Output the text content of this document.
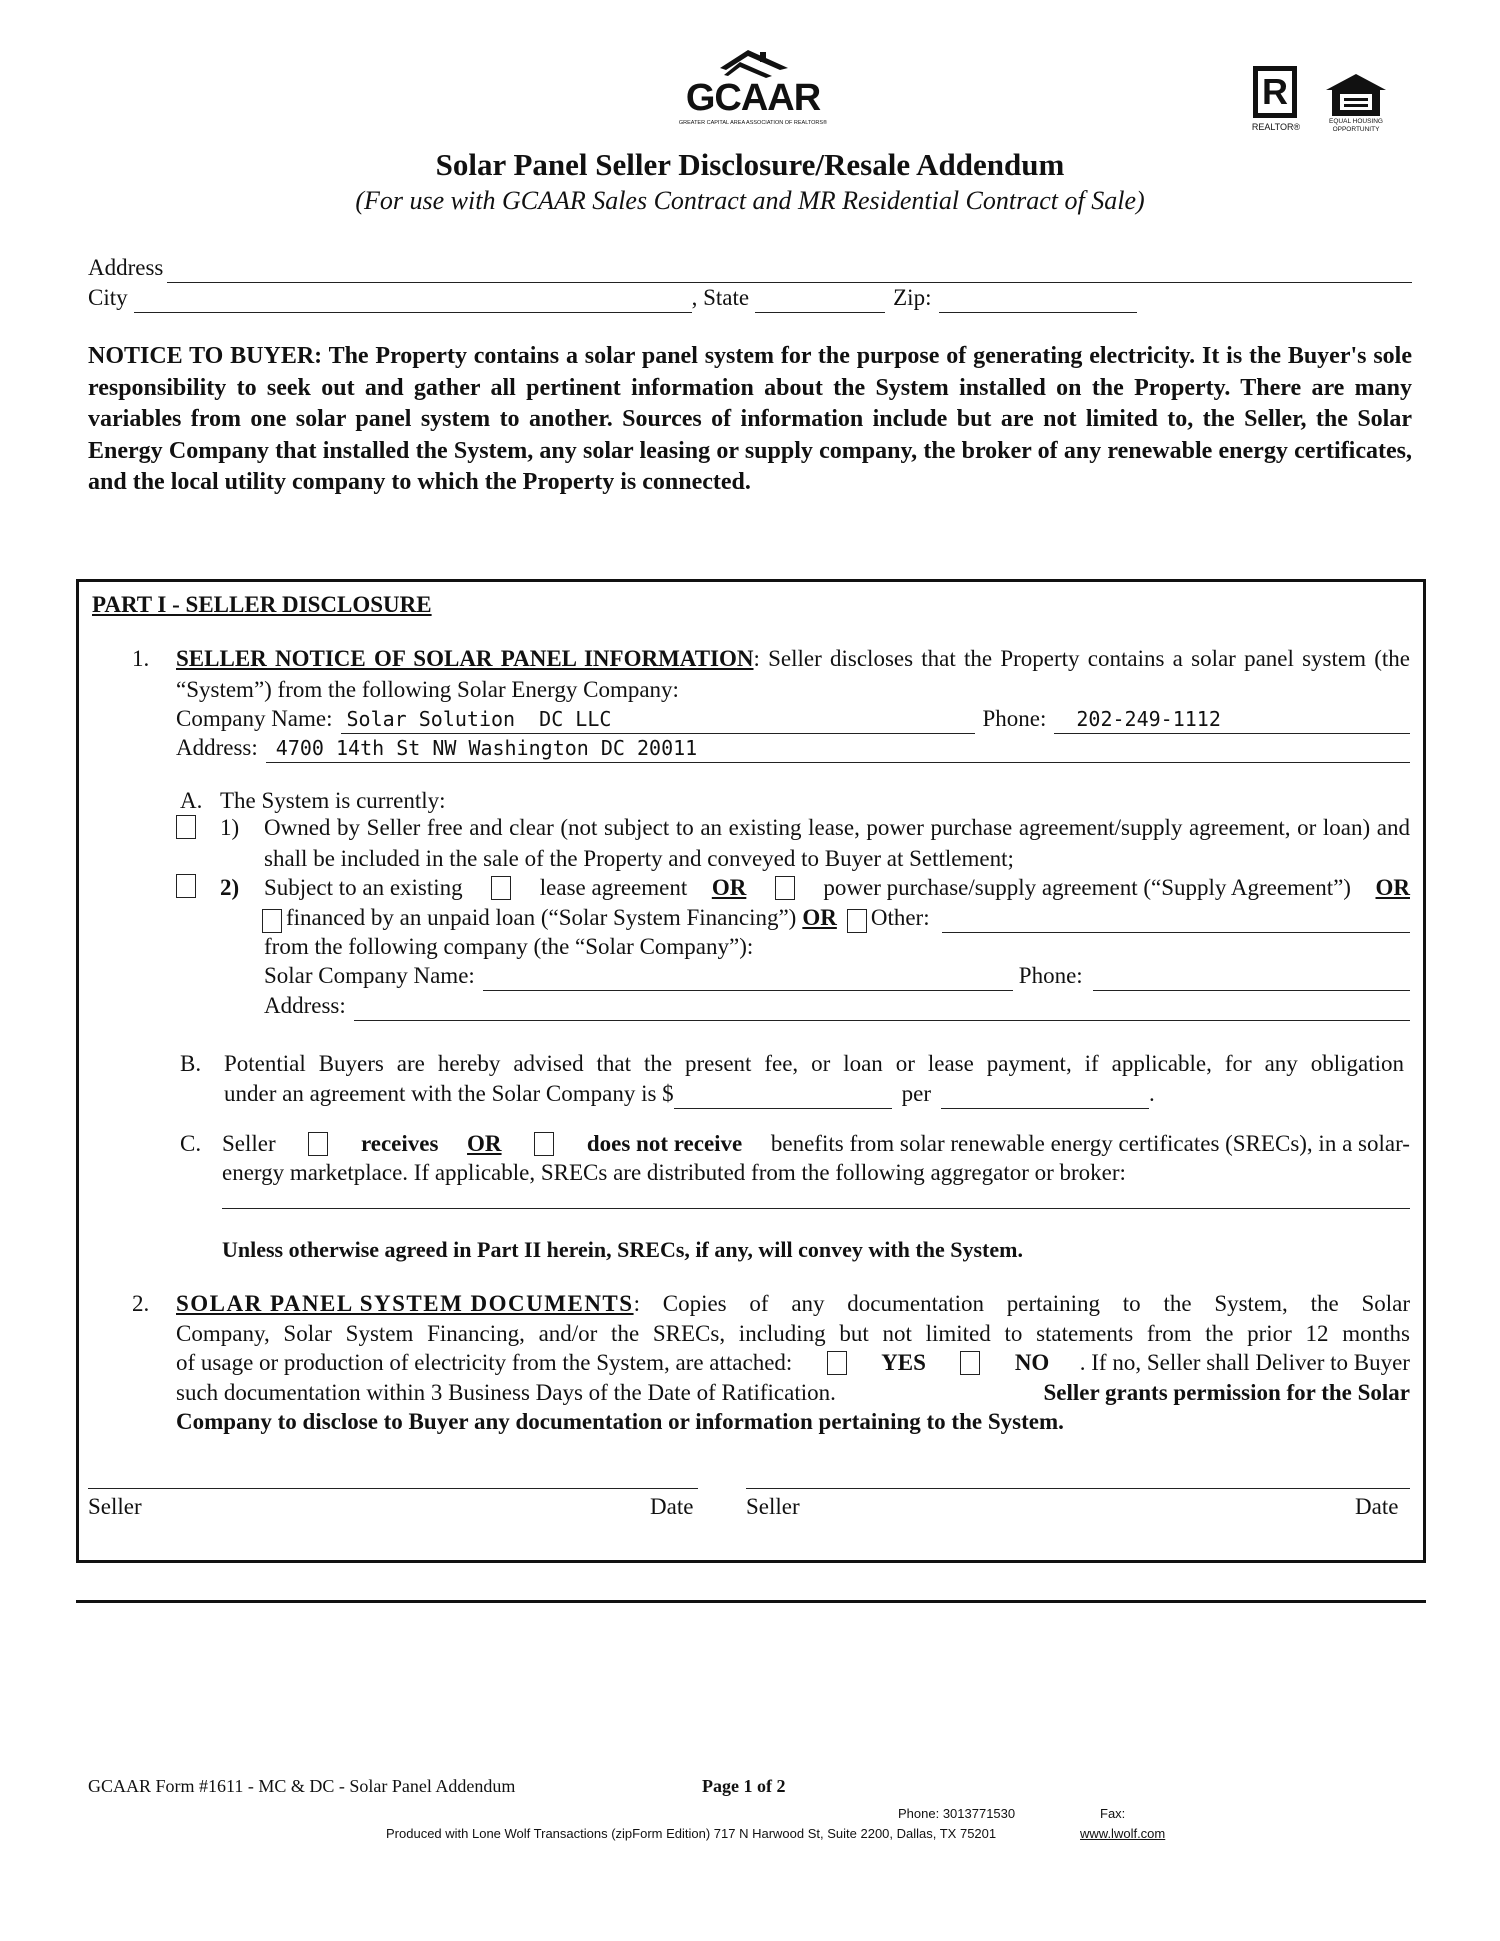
GCAAR
GREATER CAPITAL AREA ASSOCIATION OF REALTORS®
R
REALTOR®
EQUAL HOUSING OPPORTUNITY
Solar Panel Seller Disclosure/Resale Addendum
(For use with GCAAR Sales Contract and MR Residential Contract of Sale)
Address
City	, State	Zip:
NOTICE TO BUYER: The Property contains a solar panel system for the purpose of generating electricity. It is the Buyer's sole responsibility to seek out and gather all pertinent information about the System installed on the Property. There are many variables from one solar panel system to another. Sources of information include but are not limited to, the Seller, the Solar Energy Company that installed the System, any solar leasing or supply company, the broker of any renewable energy certificates, and the local utility company to which the Property is connected.
PART I - SELLER DISCLOSURE
1. SELLER NOTICE OF SOLAR PANEL INFORMATION: Seller discloses that the Property contains a solar panel system (the “System”) from the following Solar Energy Company:
Company Name: Solar Solution  DC LLC	Phone:	202-249-1112
Address: 4700 14th St NW Washington DC 20011
A. The System is currently:
1) Owned by Seller free and clear (not subject to an existing lease, power purchase agreement/supply agreement, or loan) and shall be included in the sale of the Property and conveyed to Buyer at Settlement;
2) Subject to an existing	lease agreement OR	power purchase/supply agreement (“Supply Agreement”) OR
financed by an unpaid loan (“Solar System Financing”) OR Other:
from the following company (the “Solar Company”):
Solar Company Name:	Phone:
Address:
B. Potential Buyers are hereby advised that the present fee, or loan or lease payment, if applicable, for any obligation
under an agreement with the Solar Company is $	per	.
C. Seller	receives OR	does not receive benefits from solar renewable energy certificates (SRECs), in a solar-
energy marketplace. If applicable, SRECs are distributed from the following aggregator or broker:
Unless otherwise agreed in Part II herein, SRECs, if any, will convey with the System.
2. SOLAR PANEL SYSTEM DOCUMENTS : Copies of any documentation pertaining to the System, the Solar
Company, Solar System Financing, and/or the SRECs, including but not limited to statements from the prior 12 months
of usage or production of electricity from the System, are attached:	YES	NO . If no, Seller shall Deliver to Buyer
such documentation within 3 Business Days of the Date of Ratification.	Seller grants permission for the Solar
Company to disclose to Buyer any documentation or information pertaining to the System.
Seller	Date Seller	Date
GCAAR Form #1611 - MC & DC - Solar Panel Addendum	Page 1 of 2
Phone: 3013771530	Fax:
Produced with Lone Wolf Transactions (zipForm Edition) 717 N Harwood St, Suite 2200, Dallas, TX 75201	www.lwolf.com
